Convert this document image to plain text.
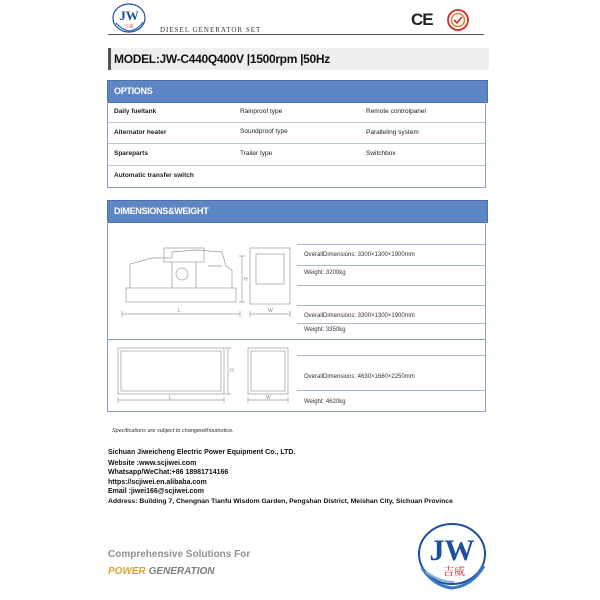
JW
吉威	DIESEL GENERATOR SET
CE
MODEL:JW-C440Q400V |1500rpm |50Hz
OPTIONS
Daily fueltank	Rainproof type	Remote controlpanel
Alternator heater	Soundproof type	Paralleling system
Spareparts	Trailer type	Switchbox
Automatic transfer switch
DIMENSIONS&WEIGHT
OverallDimensions: 3300×1300×1900mm
Weight: 3200kg
OverallDimensions: 3300×1300×1900mm
Weight: 3350kg
OverallDimensions: 4630×1660×2250mm
Weight: 4620kg
L
H
W
L
H
W
Specifications are subject to changewithoutnotice.
Sichuan Jiweicheng Electric Power Equipment Co., LTD.
Website :www.scjiwei.com
Whatsapp/WeChat:+86 18981714166
https://scjiwei.en.alibaba.com
Email :jiwei166@scjiwei.com
Address: Building 7, Chengnan Tianfu Wisdom Garden, Pengshan District, Meishan City, Sichuan Province
Comprehensive Solutions For
POWER GENERATION
JW
吉威
